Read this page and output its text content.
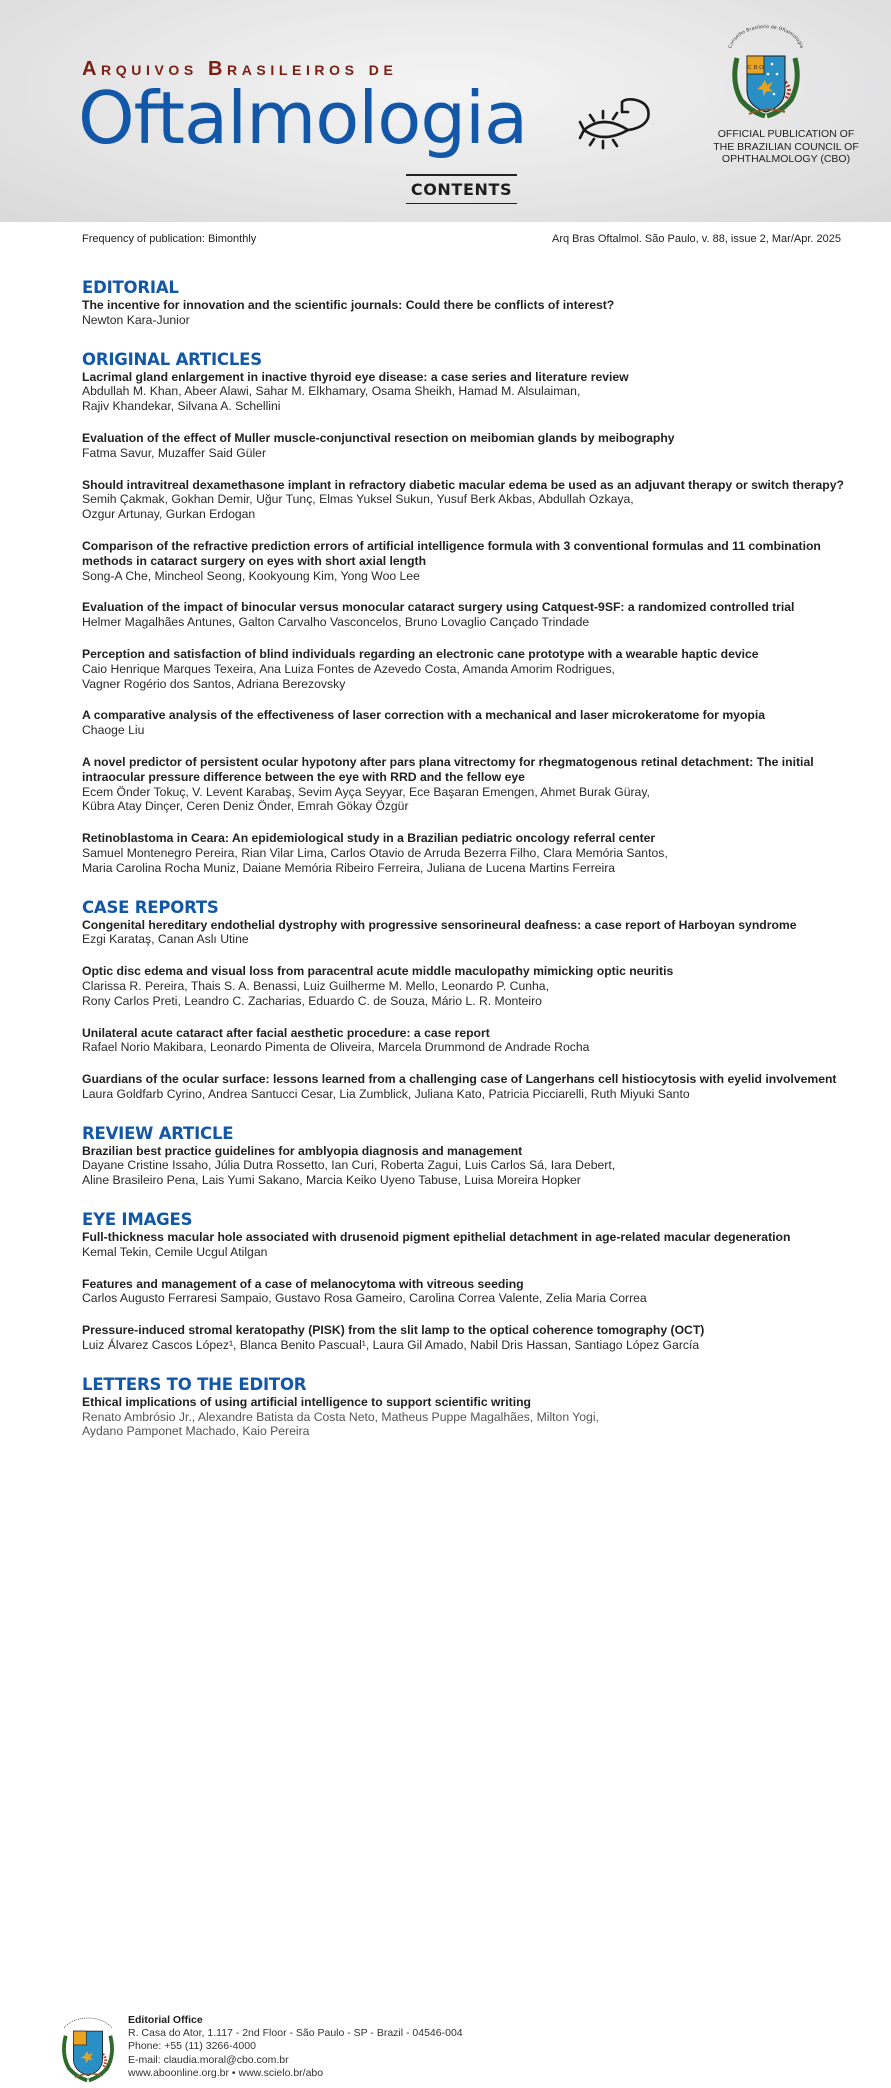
Arquivos Brasileiros de
Oftalmologia
Conselho Brasileiro de Oftalmologia
C B O
OFFICIAL PUBLICATION OF
THE BRAZILIAN COUNCIL OF
OPHTHALMOLOGY (CBO)
CONTENTS
Frequency of publication: Bimonthly	Arq Bras Oftalmol. São Paulo, v. 88, issue 2, Mar/Apr. 2025
EDITORIAL
The incentive for innovation and the scientific journals: Could there be conflicts of interest?
Newton Kara-Junior
ORIGINAL ARTICLES
Lacrimal gland enlargement in inactive thyroid eye disease: a case series and literature review
Abdullah M. Khan, Abeer Alawi, Sahar M. Elkhamary, Osama Sheikh, Hamad M. Alsulaiman,
Rajiv Khandekar, Silvana A. Schellini
Evaluation of the effect of Muller muscle-conjunctival resection on meibomian glands by meibography
Fatma Savur, Muzaffer Said Güler
Should intravitreal dexamethasone implant in refractory diabetic macular edema be used as an adjuvant therapy or switch therapy?
Semih Çakmak, Gokhan Demir, Uğur Tunç, Elmas Yuksel Sukun, Yusuf Berk Akbas, Abdullah Ozkaya,
Ozgur Artunay, Gurkan Erdogan
Comparison of the refractive prediction errors of artificial intelligence formula with 3 conventional formulas and 11 combination methods in cataract surgery on eyes with short axial length
Song-A Che, Mincheol Seong, Kookyoung Kim, Yong Woo Lee
Evaluation of the impact of binocular versus monocular cataract surgery using Catquest-9SF: a randomized controlled trial
Helmer Magalhães Antunes, Galton Carvalho Vasconcelos, Bruno Lovaglio Cançado Trindade
Perception and satisfaction of blind individuals regarding an electronic cane prototype with a wearable haptic device
Caio Henrique Marques Texeira, Ana Luiza Fontes de Azevedo Costa, Amanda Amorim Rodrigues,
Vagner Rogério dos Santos, Adriana Berezovsky
A comparative analysis of the effectiveness of laser correction with a mechanical and laser microkeratome for myopia
Chaoge Liu
A novel predictor of persistent ocular hypotony after pars plana vitrectomy for rhegmatogenous retinal detachment: The initial intraocular pressure difference between the eye with RRD and the fellow eye
Ecem Önder Tokuç, V. Levent Karabaş, Sevim Ayça Seyyar, Ece Başaran Emengen, Ahmet Burak Güray,
Kübra Atay Dinçer, Ceren Deniz Önder, Emrah Gökay Özgür
Retinoblastoma in Ceara: An epidemiological study in a Brazilian pediatric oncology referral center
Samuel Montenegro Pereira, Rian Vilar Lima, Carlos Otavio de Arruda Bezerra Filho, Clara Memória Santos,
Maria Carolina Rocha Muniz, Daiane Memória Ribeiro Ferreira, Juliana de Lucena Martins Ferreira
CASE REPORTS
Congenital hereditary endothelial dystrophy with progressive sensorineural deafness: a case report of Harboyan syndrome
Ezgi Karataş, Canan Aslı Utine
Optic disc edema and visual loss from paracentral acute middle maculopathy mimicking optic neuritis
Clarissa R. Pereira, Thais S. A. Benassi, Luiz Guilherme M. Mello, Leonardo P. Cunha,
Rony Carlos Preti, Leandro C. Zacharias, Eduardo C. de Souza, Mário L. R. Monteiro
Unilateral acute cataract after facial aesthetic procedure: a case report
Rafael Norio Makibara, Leonardo Pimenta de Oliveira, Marcela Drummond de Andrade Rocha
Guardians of the ocular surface: lessons learned from a challenging case of Langerhans cell histiocytosis with eyelid involvement
Laura Goldfarb Cyrino, Andrea Santucci Cesar, Lia Zumblick, Juliana Kato, Patricia Picciarelli, Ruth Miyuki Santo
REVIEW ARTICLE
Brazilian best practice guidelines for amblyopia diagnosis and management
Dayane Cristine Issaho, Júlia Dutra Rossetto, Ian Curi, Roberta Zagui, Luis Carlos Sá, Iara Debert,
Aline Brasileiro Pena, Lais Yumi Sakano, Marcia Keiko Uyeno Tabuse, Luisa Moreira Hopker
EYE IMAGES
Full-thickness macular hole associated with drusenoid pigment epithelial detachment in age-related macular degeneration
Kemal Tekin, Cemile Ucgul Atilgan
Features and management of a case of melanocytoma with vitreous seeding
Carlos Augusto Ferraresi Sampaio, Gustavo Rosa Gameiro, Carolina Correa Valente, Zelia Maria Correa
Pressure-induced stromal keratopathy (PISK) from the slit lamp to the optical coherence tomography (OCT)
Luiz Álvarez Cascos López¹, Blanca Benito Pascual¹, Laura Gil Amado, Nabil Dris Hassan, Santiago López García
LETTERS TO THE EDITOR
Ethical implications of using artificial intelligence to support scientific writing
Renato Ambrósio Jr., Alexandre Batista da Costa Neto, Matheus Puppe Magalhães, Milton Yogi,
Aydano Pamponet Machado, Kaio Pereira
Editorial Office
R. Casa do Ator, 1.117 - 2nd Floor - São Paulo - SP - Brazil - 04546-004
Phone: +55 (11) 3266-4000
E-mail: claudia.moral@cbo.com.br
www.aboonline.org.br • www.scielo.br/abo
